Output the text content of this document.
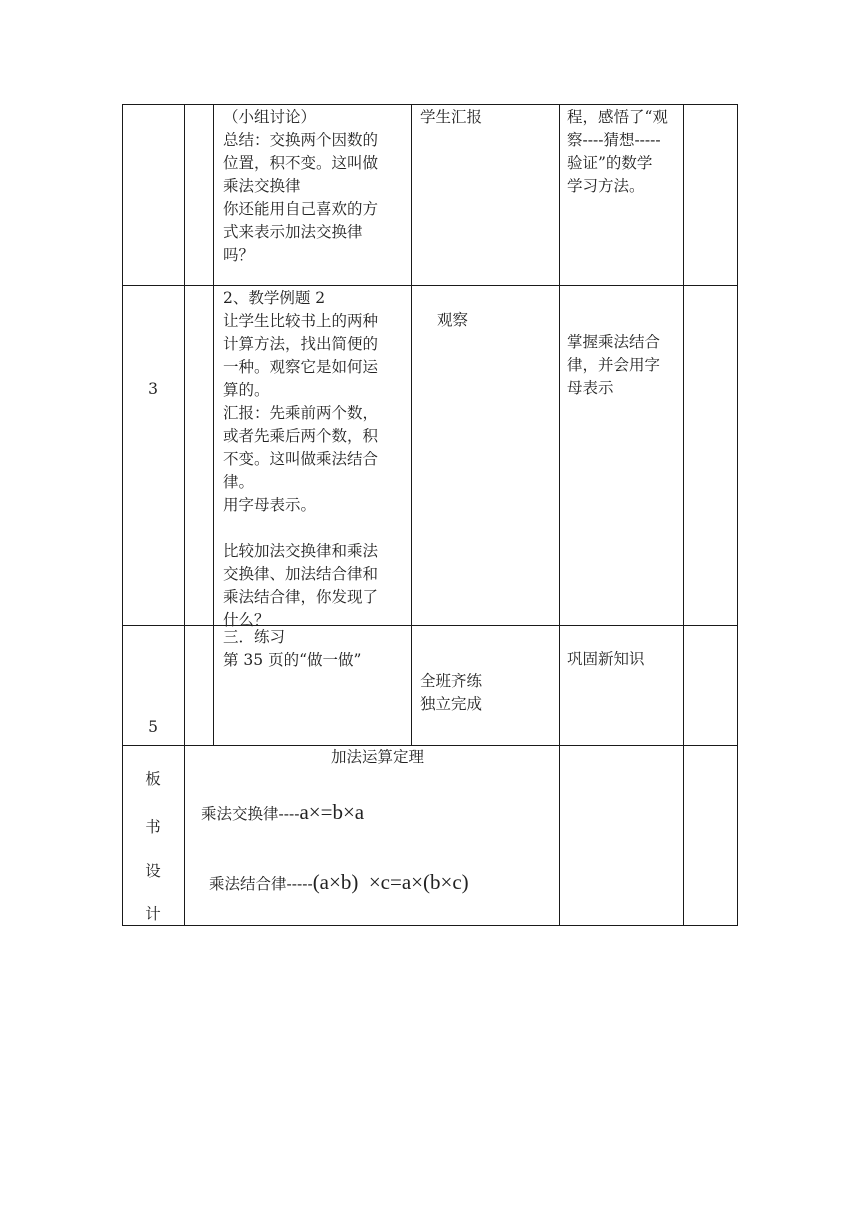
（小组讨论）
总结：交换两个因数的
位置，积不变。这叫做
乘法交换律
你还能用自己喜欢的方
式来表示加法交换律
吗？
学生汇报	程，感悟了“观
察----猜想-----
验证”的数学
学习方法。
3
2、教学例题 2
让学生比较书上的两种
计算方法，找出简便的
一种。观察它是如何运
算的。
汇报：先乘前两个数，
或者先乘后两个数，积
不变。这叫做乘法结合
律。
用字母表示。
比较加法交换律和乘法
交换律、加法结合律和
乘法结合律，你发现了
什么？
观察
掌握乘法结合
律，并会用字
母表示
5
三．练习
第 35 页的“做一做”
全班齐练
独立完成
巩固新知识
板
书
设
计
加法运算定理
乘法交换律----a×=b×a
乘法结合律-----(a×b)  ×c=a×(b×c)
